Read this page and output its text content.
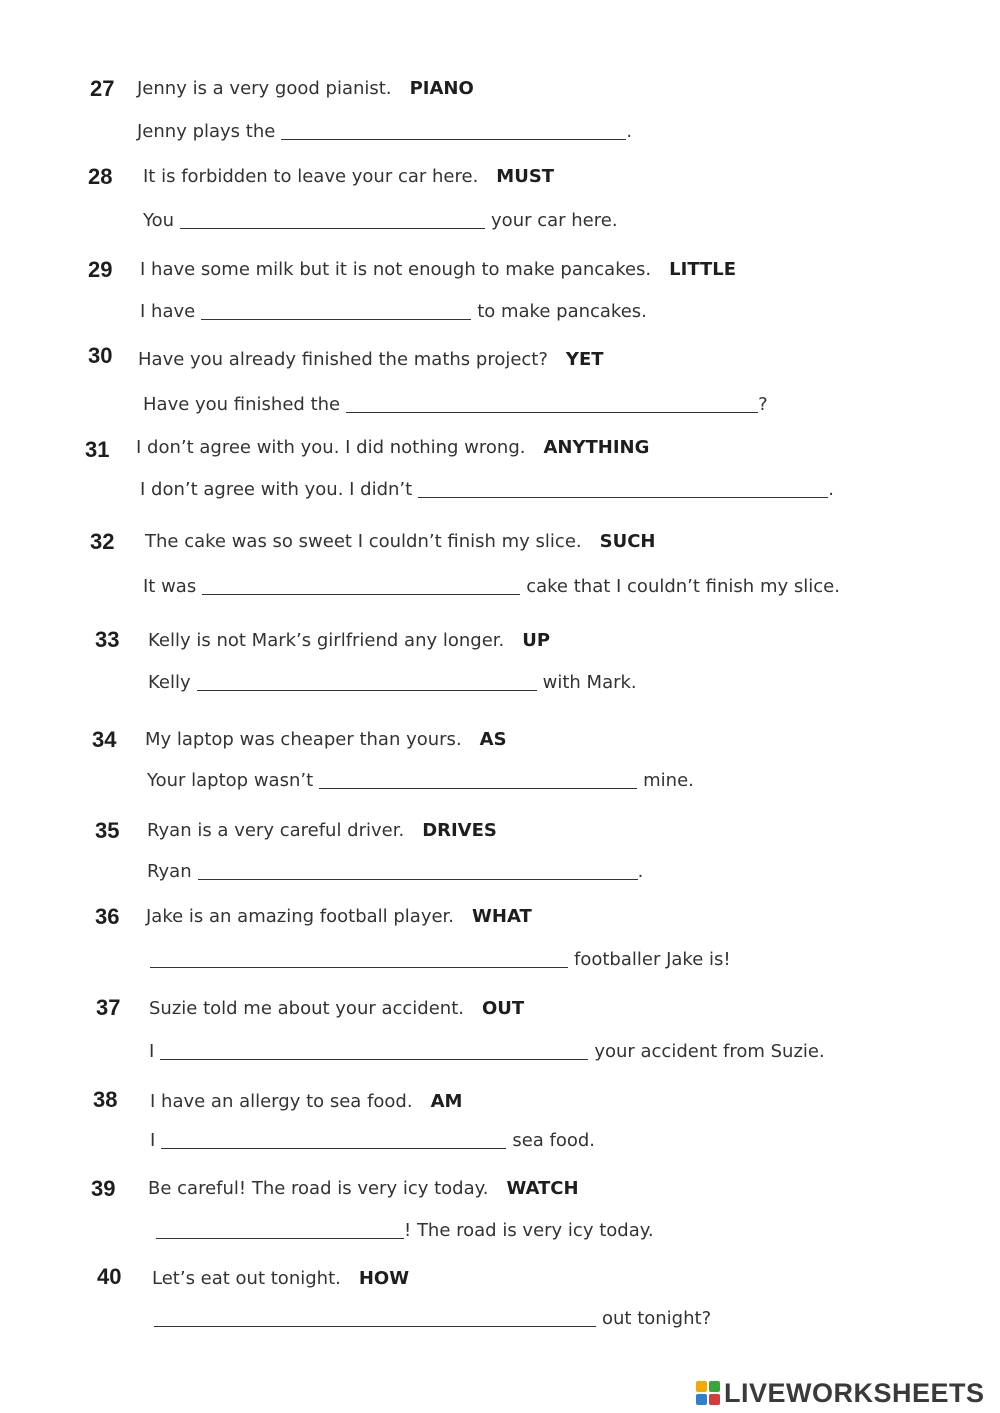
27 Jenny is a very good pianist. PIANO
Jenny plays the	.
28 It is forbidden to leave your car here. MUST
You	your car here.
29 I have some milk but it is not enough to make pancakes. LITTLE
I have	to make pancakes.
30 Have you already finished the maths project? YET
Have you finished the	?
31 I don’t agree with you. I did nothing wrong. ANYTHING
I don’t agree with you. I didn’t	.
32 The cake was so sweet I couldn’t finish my slice. SUCH
It was	cake that I couldn’t finish my slice.
33 Kelly is not Mark’s girlfriend any longer. UP
Kelly	with Mark.
34 My laptop was cheaper than yours. AS
Your laptop wasn’t	mine.
35 Ryan is a very careful driver. DRIVES
Ryan	.
36 Jake is an amazing football player. WHAT
footballer Jake is!
37 Suzie told me about your accident. OUT
I	your accident from Suzie.
38 I have an allergy to sea food. AM
I	sea food.
39 Be careful! The road is very icy today. WATCH
! The road is very icy today.
40 Let’s eat out tonight. HOW
out tonight?
LIVEWORKSHEETS
